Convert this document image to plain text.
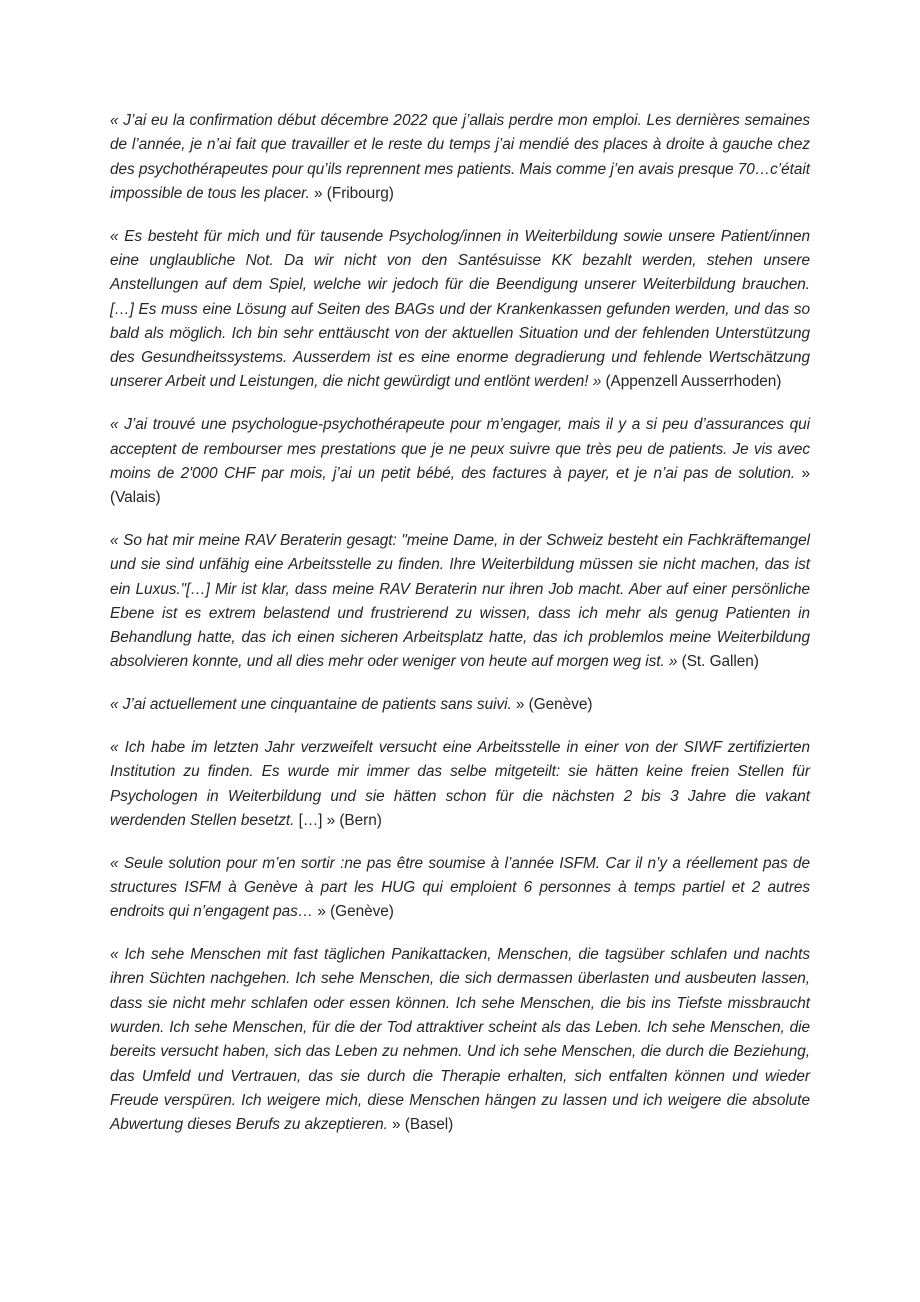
« J’ai eu la confirmation début décembre 2022 que j’allais perdre mon emploi. Les dernières semaines de l’année, je n’ai fait que travailler et le reste du temps j’ai mendié des places à droite à gauche chez des psychothérapeutes pour qu’ils reprennent mes patients. Mais comme j’en avais presque 70…c’était impossible de tous les placer. » (Fribourg)

« Es besteht für mich und für tausende Psycholog/innen in Weiterbildung sowie unsere Patient/innen eine unglaubliche Not. Da wir nicht von den Santésuisse KK bezahlt werden, stehen unsere Anstellungen auf dem Spiel, welche wir jedoch für die Beendigung unserer Weiterbildung brauchen. […] Es muss eine Lösung auf Seiten des BAGs und der Krankenkassen gefunden werden, und das so bald als möglich. Ich bin sehr enttäuscht von der aktuellen Situation und der fehlenden Unterstützung des Gesundheitssystems. Ausserdem ist es eine enorme degradierung und fehlende Wertschätzung unserer Arbeit und Leistungen, die nicht gewürdigt und entlönt werden! » (Appenzell Ausserrhoden)

« J’ai trouvé une psychologue-psychothérapeute pour m’engager, mais il y a si peu d’assurances qui acceptent de rembourser mes prestations que je ne peux suivre que très peu de patients. Je vis avec moins de 2'000 CHF par mois, j’ai un petit bébé, des factures à payer, et je n’ai pas de solution. » (Valais)

« So hat mir meine RAV Beraterin gesagt: "meine Dame, in der Schweiz besteht ein Fachkräftemangel und sie sind unfähig eine Arbeitsstelle zu finden. Ihre Weiterbildung müssen sie nicht machen, das ist ein Luxus."[…] Mir ist klar, dass meine RAV Beraterin nur ihren Job macht. Aber auf einer persönliche Ebene ist es extrem belastend und frustrierend zu wissen, dass ich mehr als genug Patienten in Behandlung hatte, das ich einen sicheren Arbeitsplatz hatte, das ich problemlos meine Weiterbildung absolvieren konnte, und all dies mehr oder weniger von heute auf morgen weg ist. » (St. Gallen)

« J’ai actuellement une cinquantaine de patients sans suivi. » (Genève)

« Ich habe im letzten Jahr verzweifelt versucht eine Arbeitsstelle in einer von der SIWF zertifizierten Institution zu finden. Es wurde mir immer das selbe mitgeteilt: sie hätten keine freien Stellen für Psychologen in Weiterbildung und sie hätten schon für die nächsten 2 bis 3 Jahre die vakant werdenden Stellen besetzt. […] » (Bern)

« Seule solution pour m’en sortir :ne pas être soumise à l’année ISFM. Car il n’y a réellement pas de structures ISFM à Genève à part les HUG qui emploient 6 personnes à temps partiel et 2 autres endroits qui n’engagent pas… » (Genève)

« Ich sehe Menschen mit fast täglichen Panikattacken, Menschen, die tagsüber schlafen und nachts ihren Süchten nachgehen. Ich sehe Menschen, die sich dermassen überlasten und ausbeuten lassen, dass sie nicht mehr schlafen oder essen können. Ich sehe Menschen, die bis ins Tiefste missbraucht wurden. Ich sehe Menschen, für die der Tod attraktiver scheint als das Leben. Ich sehe Menschen, die bereits versucht haben, sich das Leben zu nehmen. Und ich sehe Menschen, die durch die Beziehung, das Umfeld und Vertrauen, das sie durch die Therapie erhalten, sich entfalten können und wieder Freude verspüren. Ich weigere mich, diese Menschen hängen zu lassen und ich weigere die absolute Abwertung dieses Berufs zu akzeptieren. » (Basel)
